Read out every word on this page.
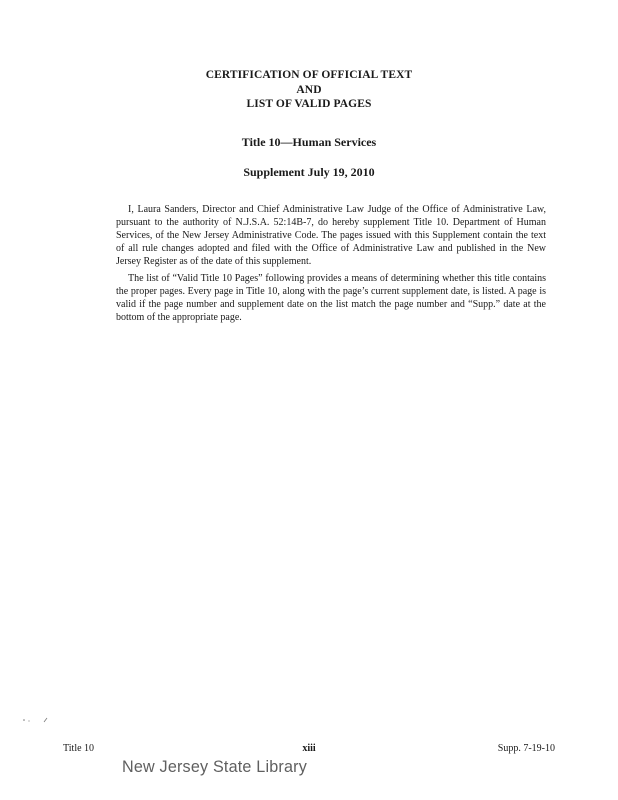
CERTIFICATION OF OFFICIAL TEXT
AND
LIST OF VALID PAGES
Title 10—Human Services
Supplement July 19, 2010

I, Laura Sanders, Director and Chief Administrative Law Judge of the Office of Administrative Law, pursuant to the authority of N.J.S.A. 52:14B-7, do hereby supplement Title 10. Department of Human Services, of the New Jersey Administrative Code. The pages issued with this Supplement contain the text of all rule changes adopted and filed with the Office of Administrative Law and published in the New Jersey Register as of the date of this supplement.

The list of “Valid Title 10 Pages” following provides a means of determining whether this title contains the proper pages. Every page in Title 10, along with the page’s current supplement date, is listed. A page is valid if the page number and supplement date on the list match the page number and “Supp.” date at the bottom of the appropriate page.

Title 10	xiii	Supp. 7-19-10
New Jersey State Library
